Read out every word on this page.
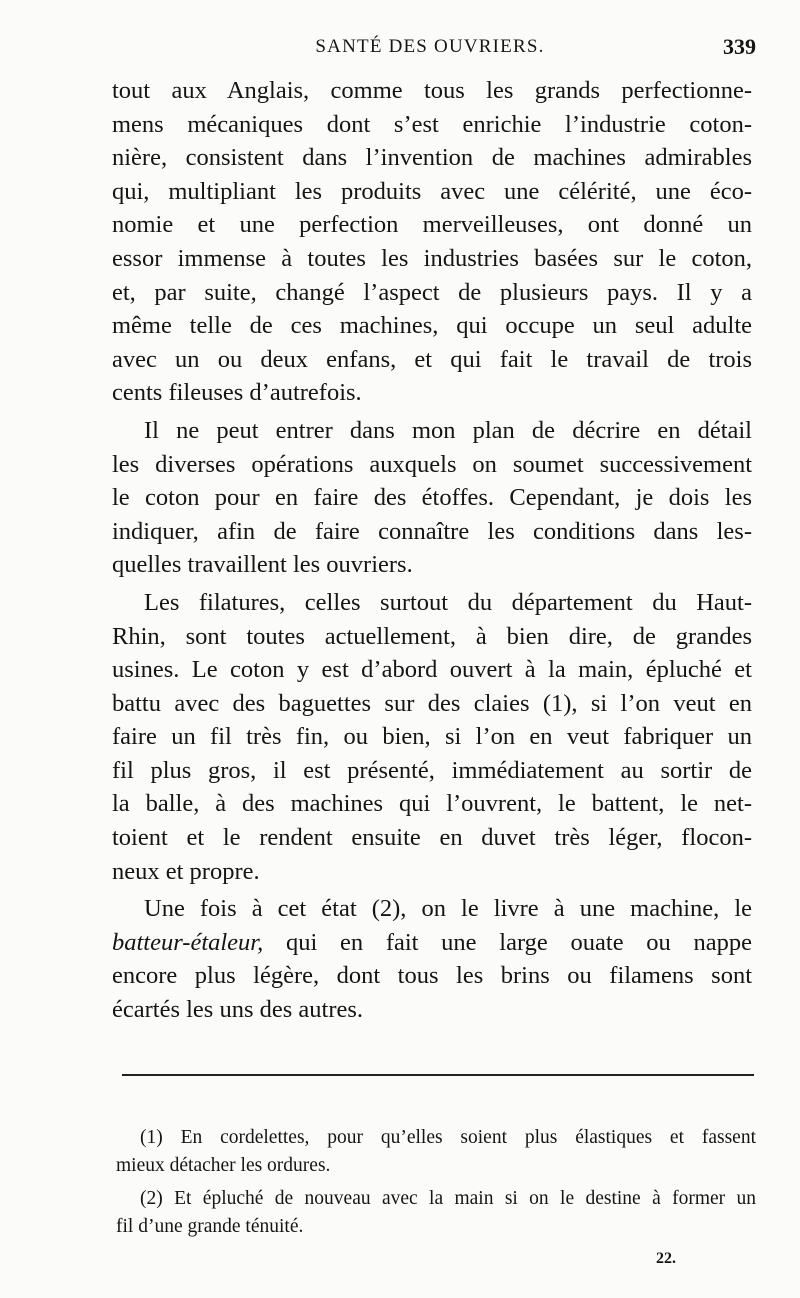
SANTÉ DES OUVRIERS.	339
tout aux Anglais, comme tous les grands perfectionne-
mens mécaniques dont s’est enrichie l’industrie coton-
nière, consistent dans l’invention de machines admirables
qui, multipliant les produits avec une célérité, une éco-
nomie et une perfection merveilleuses, ont donné un
essor immense à toutes les industries basées sur le coton,
et, par suite, changé l’aspect de plusieurs pays. Il y a
même telle de ces machines, qui occupe un seul adulte
avec un ou deux enfans, et qui fait le travail de trois
cents fileuses d’autrefois.
Il ne peut entrer dans mon plan de décrire en détail
les diverses opérations auxquels on soumet successivement
le coton pour en faire des étoffes. Cependant, je dois les
indiquer, afin de faire connaître les conditions dans les-
quelles travaillent les ouvriers.
Les filatures, celles surtout du département du Haut-
Rhin, sont toutes actuellement, à bien dire, de grandes
usines. Le coton y est d’abord ouvert à la main, épluché et
battu avec des baguettes sur des claies (1), si l’on veut en
faire un fil très fin, ou bien, si l’on en veut fabriquer un
fil plus gros, il est présenté, immédiatement au sortir de
la balle, à des machines qui l’ouvrent, le battent, le net-
toient et le rendent ensuite en duvet très léger, flocon-
neux et propre.
Une fois à cet état (2), on le livre à une machine, le
batteur-étaleur, qui en fait une large ouate ou nappe
encore plus légère, dont tous les brins ou filamens sont
écartés les uns des autres.
(1) En cordelettes, pour qu’elles soient plus élastiques et fassent
mieux détacher les ordures.
(2) Et épluché de nouveau avec la main si on le destine à former un
fil d’une grande ténuité.
22.
